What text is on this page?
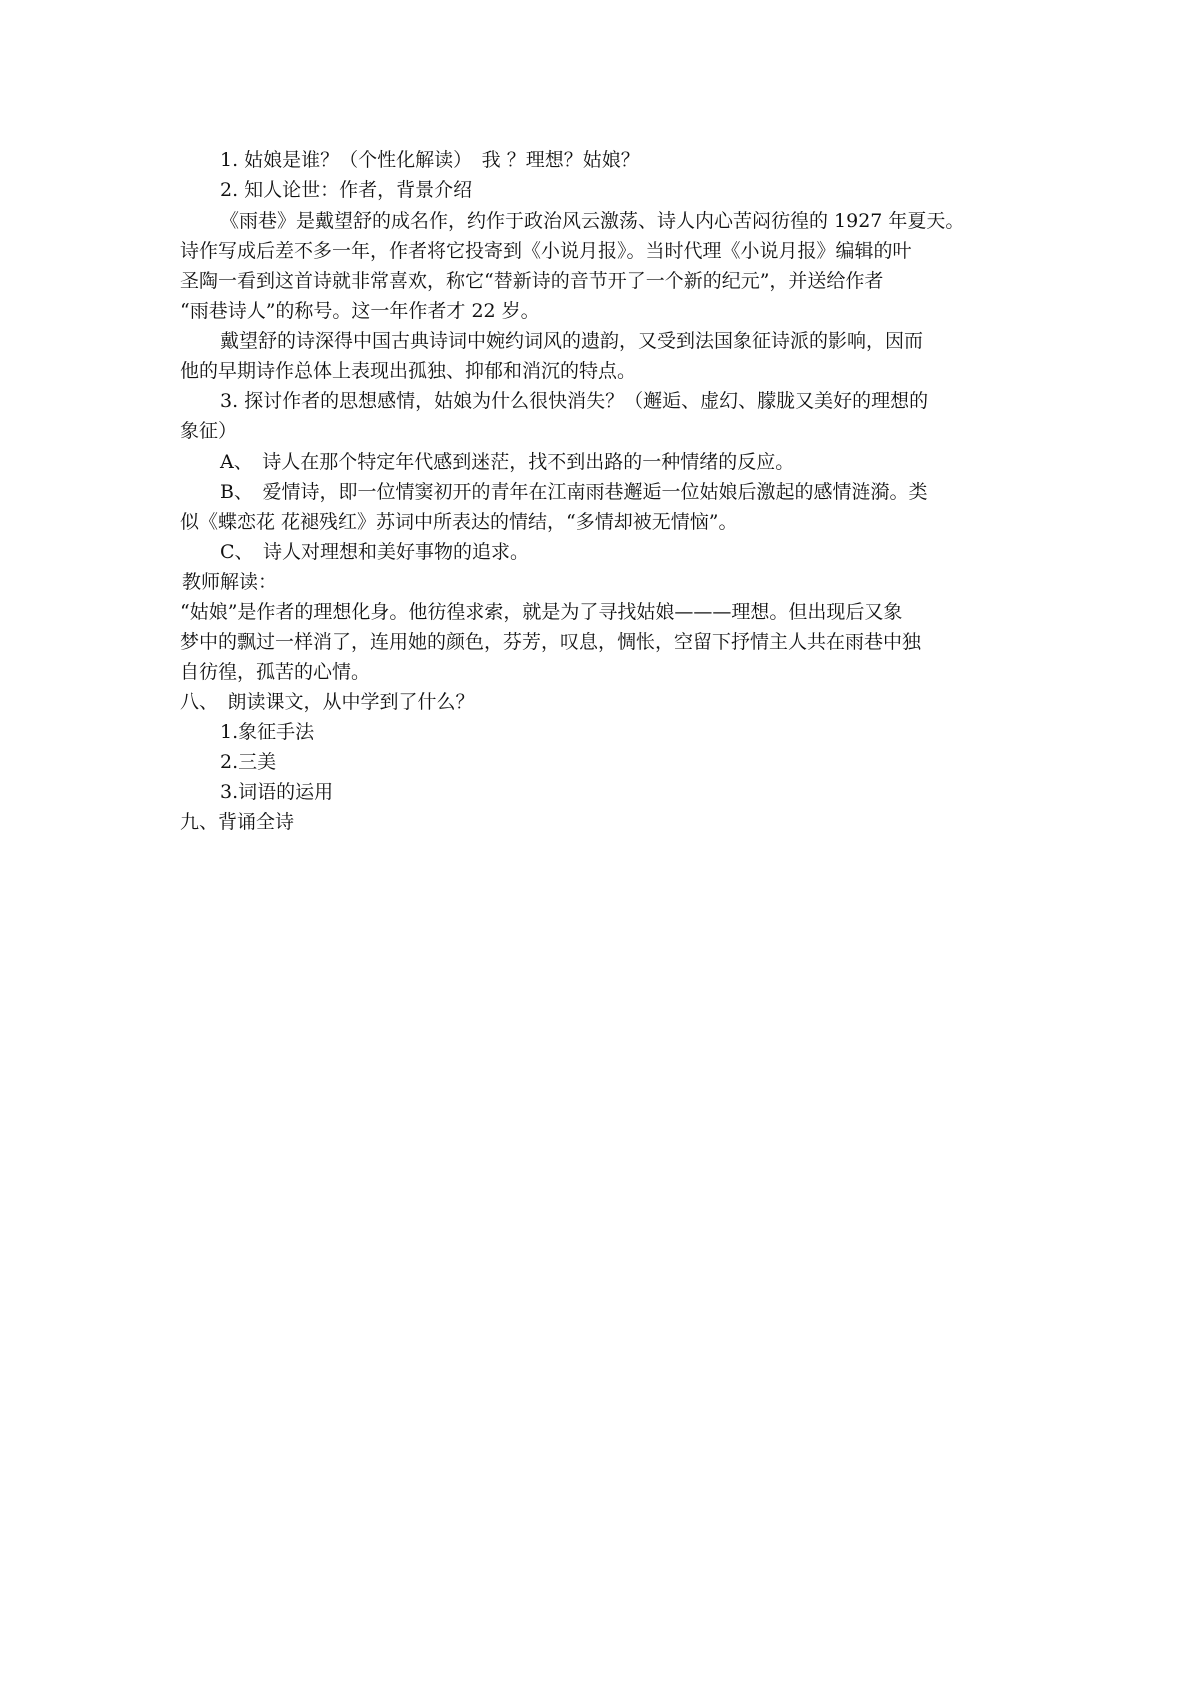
1. 姑娘是谁？（个性化解读）　我 ？理想？姑娘？
2. 知人论世：作者，背景介绍
《雨巷》是戴望舒的成名作，约作于政治风云激荡、诗人内心苦闷彷徨的 1927 年夏天。
诗作写成后差不多一年，作者将它投寄到《小说月报》。当时代理《小说月报》编辑的叶
圣陶一看到这首诗就非常喜欢，称它“替新诗的音节开了一个新的纪元”，并送给作者
“雨巷诗人”的称号。这一年作者才 22 岁。
戴望舒的诗深得中国古典诗词中婉约词风的遗韵，又受到法国象征诗派的影响，因而
他的早期诗作总体上表现出孤独、抑郁和消沉的特点。
3. 探讨作者的思想感情，姑娘为什么很快消失？（邂逅、虚幻、朦胧又美好的理想的
象征）
A、　诗人在那个特定年代感到迷茫，找不到出路的一种情绪的反应。
B、　爱情诗，即一位情窦初开的青年在江南雨巷邂逅一位姑娘后激起的感情涟漪。类
似《蝶恋花 花褪残红》苏词中所表达的情结，“多情却被无情恼”。
C、　诗人对理想和美好事物的追求。
教师解读：
“姑娘”是作者的理想化身。他彷徨求索，就是为了寻找姑娘———理想。但出现后又象
梦中的飘过一样消了，连用她的颜色，芬芳，叹息，惆怅，空留下抒情主人共在雨巷中独
自彷徨，孤苦的心情。
八、　朗读课文，从中学到了什么？
1.象征手法
2.三美
3.词语的运用
九、背诵全诗
